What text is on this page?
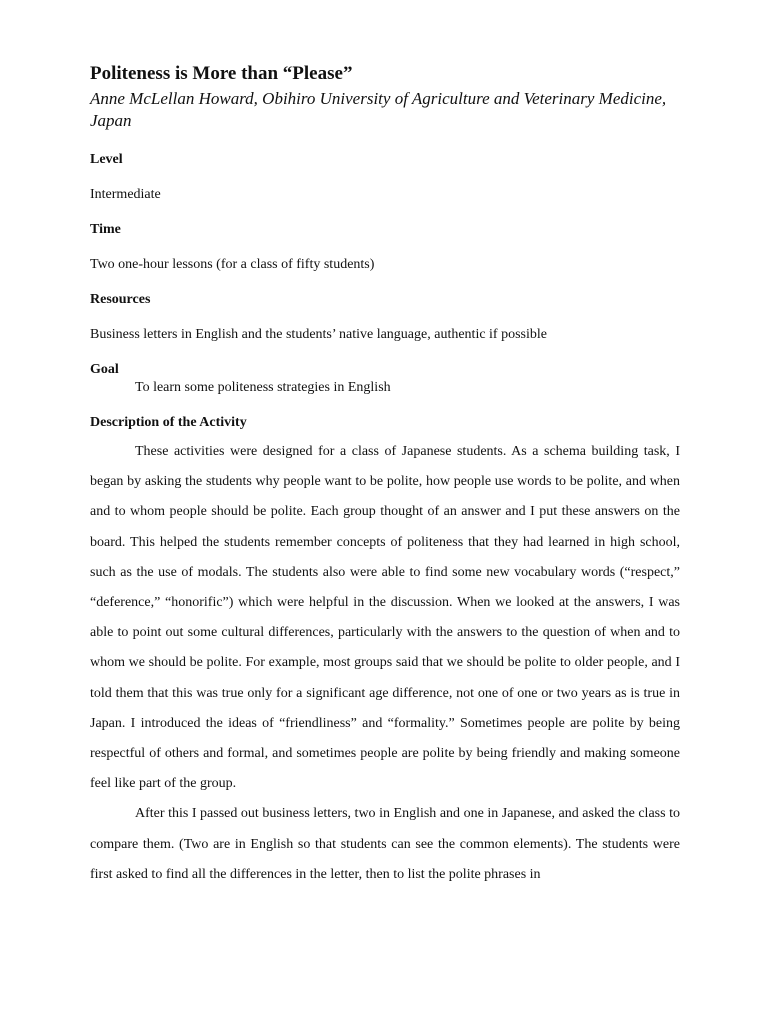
Politeness is More than “Please”

Anne McLellan Howard, Obihiro University of Agriculture and Veterinary Medicine, Japan

Level

Intermediate

Time

Two one-hour lessons (for a class of fifty students)

Resources

Business letters in English and the students’ native language, authentic if possible

Goal

To learn some politeness strategies in English

Description of the Activity

These activities were designed for a class of Japanese students. As a schema building task, I began by asking the students why people want to be polite, how people use words to be polite, and when and to whom people should be polite. Each group thought of an answer and I put these answers on the board. This helped the students remember concepts of politeness that they had learned in high school, such as the use of modals. The students also were able to find some new vocabulary words (“respect,” “deference,” “honorific”) which were helpful in the discussion. When we looked at the answers, I was able to point out some cultural differences, particularly with the answers to the question of when and to whom we should be polite. For example, most groups said that we should be polite to older people, and I told them that this was true only for a significant age difference, not one of one or two years as is true in Japan. I introduced the ideas of “friendliness” and “formality.” Sometimes people are polite by being respectful of others and formal, and sometimes people are polite by being friendly and making someone feel like part of the group.

After this I passed out business letters, two in English and one in Japanese, and asked the class to compare them. (Two are in English so that students can see the common elements). The students were first asked to find all the differences in the letter, then to list the polite phrases in
